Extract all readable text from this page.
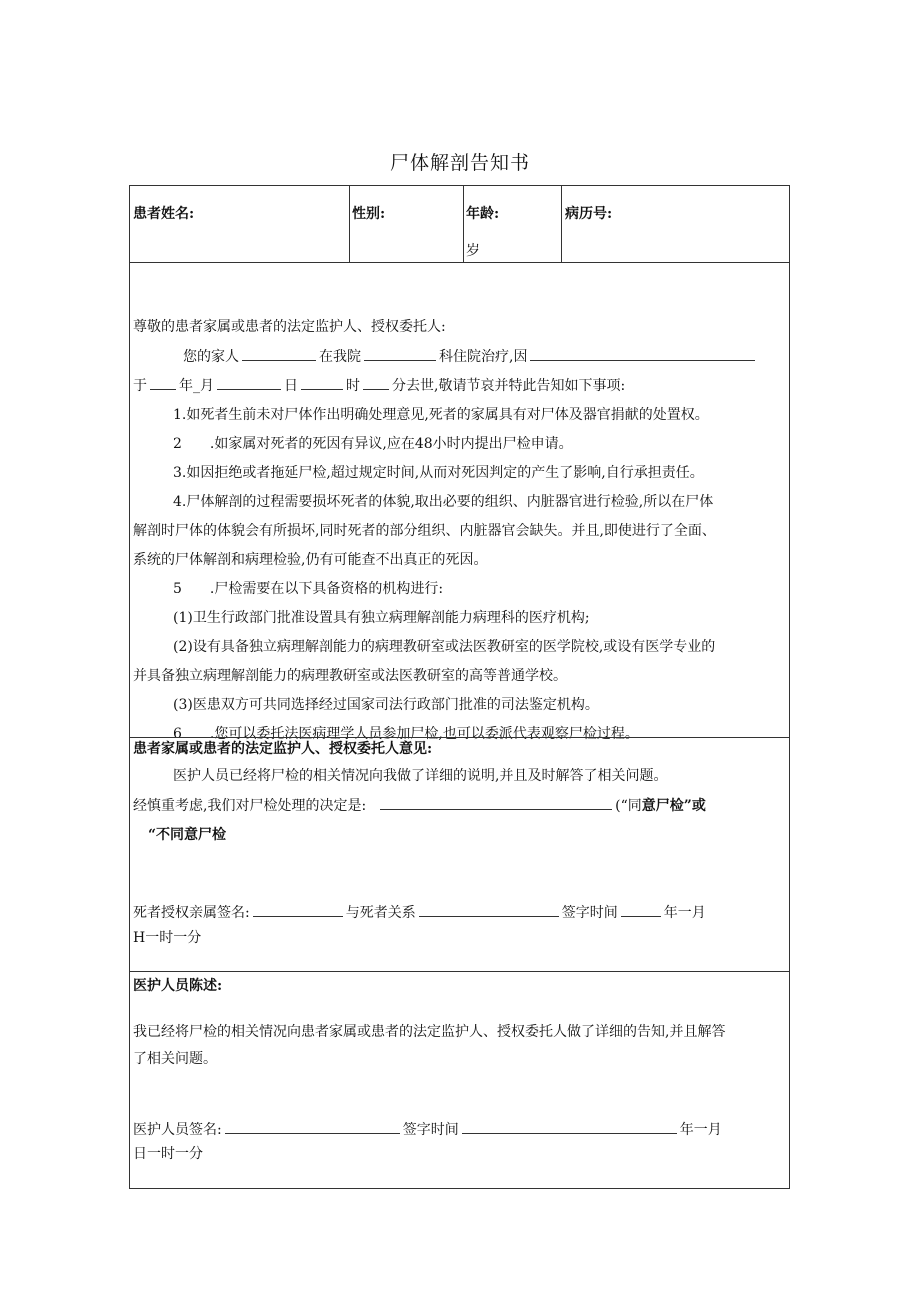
尸体解剖告知书
患者姓名:	性别:	年龄:
岁
病历号:
尊敬的患者家属或患者的法定监护人、授权委托人:
您的家人	在我院	科住院治疗,因
于 年_月	日	时 分去世,敬请节哀并特此告知如下事项:
1.如死者生前未对尸体作出明确处理意见,死者的家属具有对尸体及器官捐献的处置权。
2 .如家属对死者的死因有异议,应在48小时内提出尸检申请。
3.如因拒绝或者拖延尸检,超过规定时间,从而对死因判定的产生了影响,自行承担责任。
4.尸体解剖的过程需要损坏死者的体貌,取出必要的组织、内脏器官进行检验,所以在尸体
解剖时尸体的体貌会有所损坏,同时死者的部分组织、内脏器官会缺失。并且,即使进行了全面、
系统的尸体解剖和病理检验,仍有可能查不出真正的死因。
5 .尸检需要在以下具备资格的机构进行:
(1)卫生行政部门批准设置具有独立病理解剖能力病理科的医疗机构;
(2)设有具备独立病理解剖能力的病理教研室或法医教研室的医学院校,或设有医学专业的
并具备独立病理解剖能力的病理教研室或法医教研室的高等普通学校。
(3)医患双方可共同选择经过国家司法行政部门批准的司法鉴定机构。
6 .您可以委托法医病理学人员参加尸检,也可以委派代表观察尸检过程。
患者家属或患者的法定监护人、授权委托人意见:
医护人员已经将尸检的相关情况向我做了详细的说明,并且及时解答了相关问题。
经慎重考虑,我们对尸检处理的决定是:	(“同意尸检”或
“不同意尸检
死者授权亲属签名:	与死者关系	签字时间	年一月
H一时一分
医护人员陈述:
我已经将尸检的相关情况向患者家属或患者的法定监护人、授权委托人做了详细的告知,并且解答
了相关问题。
医护人员签名:	签字时间	年一月
日一时一分
